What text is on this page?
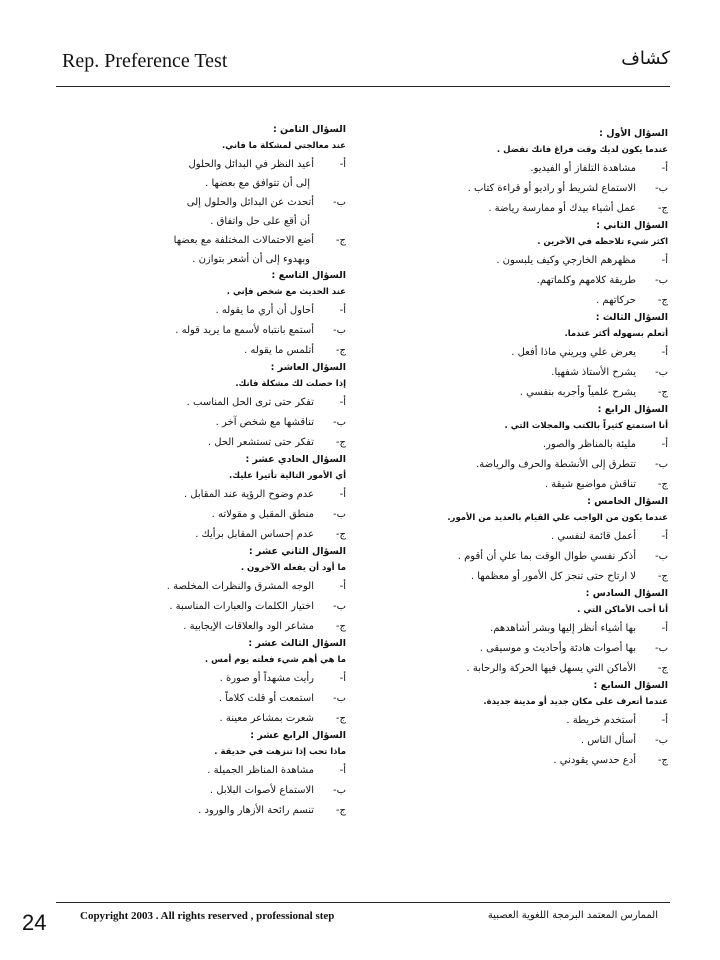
Rep. Preference Test	كشاف
السؤال الأول :
عندما يكون لديك وقت فراغ فانك تفضل .
أ-مشاهدة التلفاز أو الفيديو.
ب-الاستماع لشريط أو راديو أو قراءة كتاب .
ج-عمل أشياء بيدك أو ممارسة رياضة .
السؤال الثاني :
اكثر شيء تلاحظه في الآخرين .
أ-مظهرهم الخارجي وكيف يلبسون .
ب-طريقة كلامهم وكلماتهم.
ج-حركاتهم .
السؤال الثالث :
أتعلم بسهوله أكثر عندما.
أ-يعرض علي ويريني ماذا أفعل .
ب-يشرح الأستاذ شفهيا.
ج-يشرح علمياً وأجربه بنفسي .
السؤال الرابع :
أنا استمتع كثيراً بالكتب والمجلات التي .
أ-مليئة بالمناظر والصور.
ب-تتطرق إلى الأنشطة والحرف والرياضة.
ج-تناقش مواضيع شيقة .
السؤال الخامس :
عندما يكون من الواجب علي القيام بالعديد من الأمور.
أ-أعمل قائمة لنفسي .
ب-أذكر نفسي طوال الوقت بما علي أن أقوم .
ج-لا ارتاح حتى تنجز كل الأمور أو معظمها .
السؤال السادس :
أنا أحب الأماكن التي .
أ-بها أشياء أنظر إليها وبشر أشاهدهم.
ب-بها أصوات هادئة وأحاديث و موسيقى .
ج-الأماكن التي يسهل فيها الحركة والرحابة .
السؤال السابع :
عندما أتعرف على مكان جديد أو مدينة جديدة.
أ-أستخدم خريطة .
ب-أسأل الناس .
ج-أدع حدسي يقودني .
السؤال الثامن :
عند معالجتي لمشكلة ما فاني.
أ-أعيد النظر في البدائل والحلول
إلى أن تتوافق مع بعضها .
ب-أتحدث عن البدائل والحلول إلى
أن أقع على حل واتفاق .
ج-أضع الاحتمالات المختلفة مع بعضها
وبهدوء إلى أن أشعر بتوازن .
السؤال التاسع :
عند الحديث مع شخص فإني .
أ-أحاول أن أري ما يقوله .
ب-أستمع بانتباه لأسمع ما يريد قوله .
ج-أتلمس ما يقوله .
السؤال العاشر :
إذا حصلت لك مشكلة فانك.
أ-تفكر حتى ترى الحل المناسب .
ب-تناقشها مع شخص آخر .
ج-تفكر حتى تستشعر الحل .
السؤال الحادي عشر :
أي الأمور التالية تأثيرا عليك.
أ-عدم وضوح الرؤية عند المقابل .
ب-منطق المقبل و مقولاته .
ج-عدم إحساس المقابل برأيك .
السؤال الثاني عشر :
ما أود أن يفعله الآخرون .
أ-الوجه المشرق والنظرات المخلصة .
ب-اختيار الكلمات والعبارات المناسبة .
ج-مشاعر الود والعلاقات الإيجابية .
السؤال الثالث عشر :
ما هي أهم شيء فعلته يوم أمس .
أ-رأيت مشهداً أو صورة .
ب-استمعت أو قلت كلاماً .
ج-شعرت بمشاعر معينة .
السؤال الرابع عشر :
ماذا تحب إذا تنزهت في حديقة .
أ-مشاهدة المناظر الجميلة .
ب-الاستماع لأصوات البلابل .
ج-تنسم رائحة الأزهار والورود .
24	Copyright 2003 . All rights reserved , professional step	الممارس المعتمد البرمجة اللغوية العصبية
